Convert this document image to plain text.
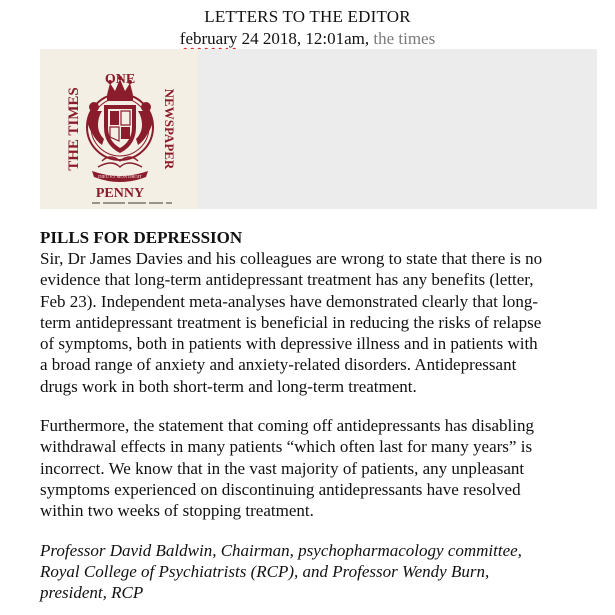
LETTERS TO THE EDITOR
february 24 2018, 12:01am, the times
DIEU ET MON DROIT
ONE
PENNY
THE TIMES	NEWSPAPER
PILLS FOR DEPRESSION

Sir, Dr James Davies and his colleagues are wrong to state that there is no
evidence that long-term antidepressant treatment has any benefits (letter,
Feb 23). Independent meta-analyses have demonstrated clearly that long-
term antidepressant treatment is beneficial in reducing the risks of relapse
of symptoms, both in patients with depressive illness and in patients with
a broad range of anxiety and anxiety-related disorders. Antidepressant
drugs work in both short-term and long-term treatment.

Furthermore, the statement that coming off antidepressants has disabling
withdrawal effects in many patients “which often last for many years” is
incorrect. We know that in the vast majority of patients, any unpleasant
symptoms experienced on discontinuing antidepressants have resolved
within two weeks of stopping treatment.

Professor David Baldwin, Chairman, psychopharmacology committee,
Royal College of Psychiatrists (RCP), and Professor Wendy Burn,
president, RCP
